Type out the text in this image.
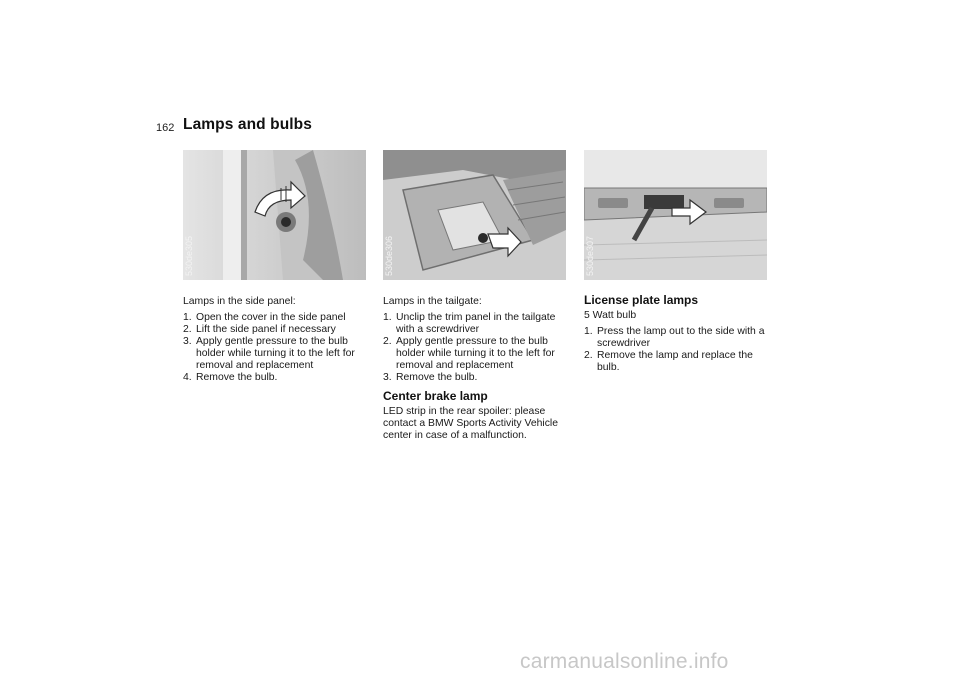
162 Lamps and bulbs
530de305	530de306	530de307

Lamps in the side panel:

1. Open the cover in the side panel
2. Lift the side panel if necessary
3. Apply gentle pressure to the bulb holder while turning it to the left for removal and replacement
4. Remove the bulb.

Lamps in the tailgate:

1. Unclip the trim panel in the tailgate with a screwdriver
2. Apply gentle pressure to the bulb holder while turning it to the left for removal and replacement
3. Remove the bulb.
Center brake lamp

LED strip in the rear spoiler: please contact a BMW Sports Activity Vehicle center in case of a malfunction.

License plate lamps

5 Watt bulb

1. Press the lamp out to the side with a screwdriver
2. Remove the lamp and replace the bulb.
carmanualsonline.info
